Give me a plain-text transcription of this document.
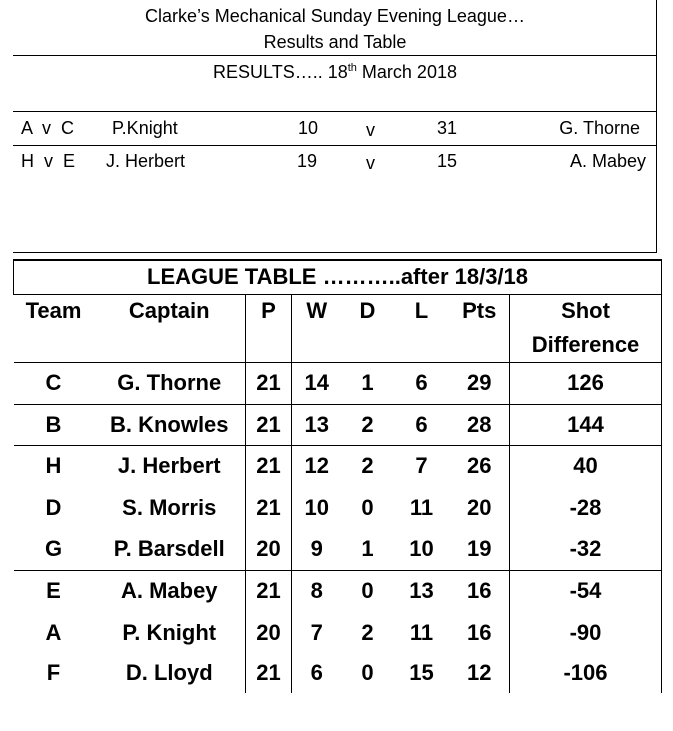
Clarke’s Mechanical Sunday Evening League…
Results and Table
RESULTS….. 18th March 2018
A  v  C P.Knight	10	v	31	G. Thorne
H  v  E J. Herbert	19	v	15	A. Mabey
LEAGUE TABLE ………..after 18/3/18							
Team	Captain	P	W	D	L	Pts	Shot
							Difference
C	G. Thorne	21	14	1	6	29	126
B	B. Knowles	21	13	2	6	28	144
H	J. Herbert	21	12	2	7	26	40
D	S. Morris	21	10	0	11	20	-28
G	P. Barsdell	20	9	1	10	19	-32
E	A. Mabey	21	8	0	13	16	-54
A	P. Knight	20	7	2	11	16	-90
F	D. Lloyd	21	6	0	15	12	-106
